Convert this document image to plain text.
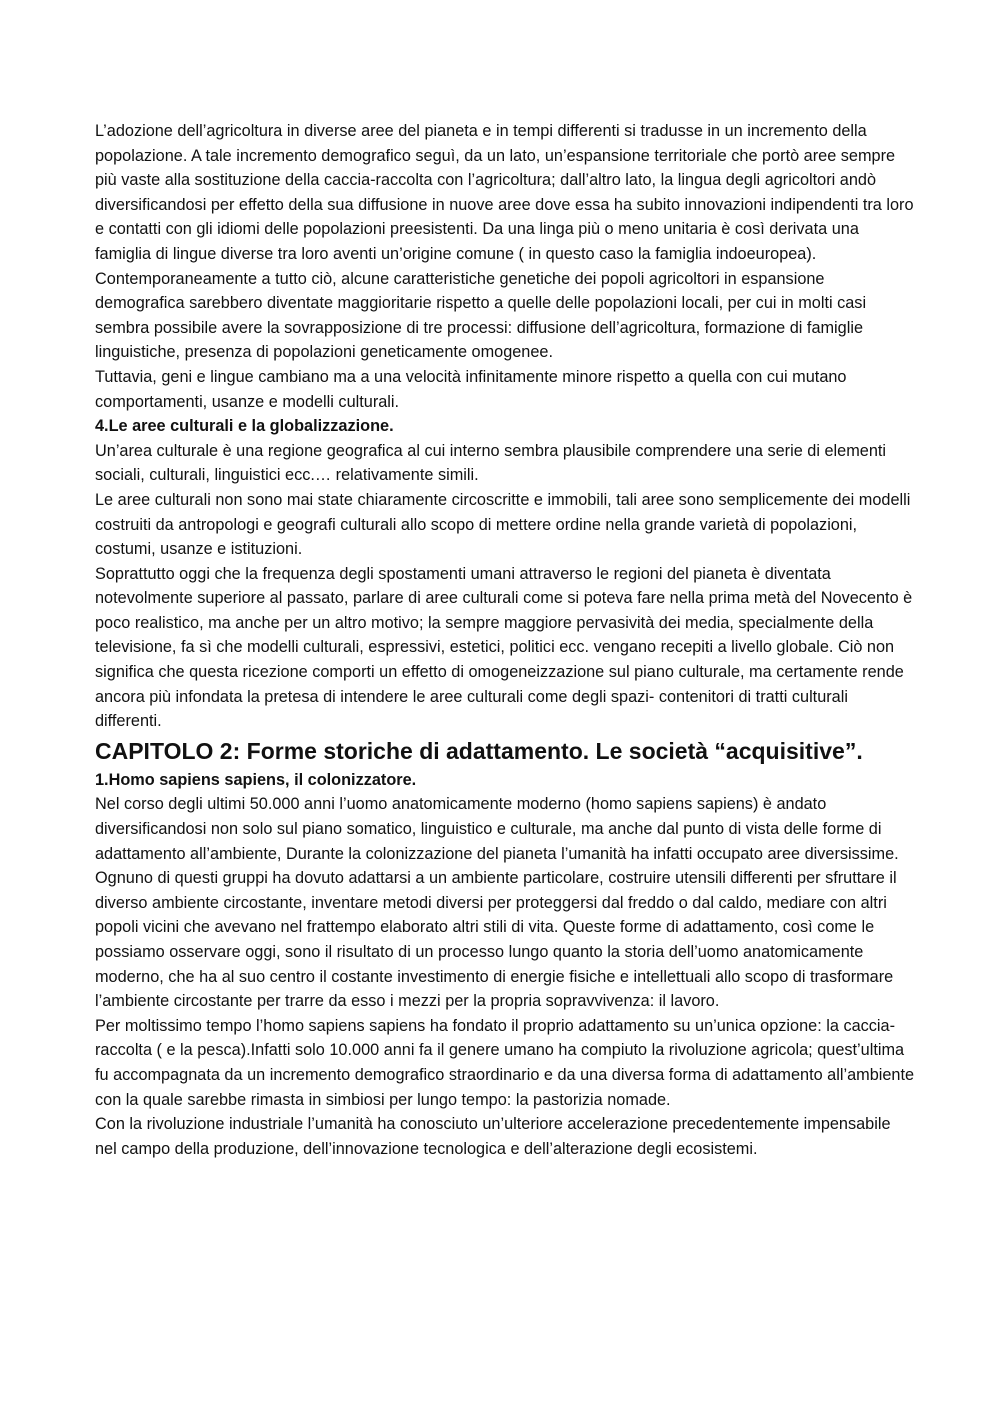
L’adozione dell’agricoltura in diverse aree del pianeta e in tempi differenti si tradusse in un incremento della popolazione. A tale incremento demografico seguì, da un lato, un’espansione territoriale che portò aree sempre più vaste alla sostituzione della caccia-raccolta con l’agricoltura; dall’altro lato, la lingua degli agricoltori andò diversificandosi per effetto della sua diffusione in nuove aree dove essa ha subito innovazioni indipendenti tra loro e contatti con gli idiomi delle popolazioni preesistenti. Da una linga più o meno unitaria è così derivata una famiglia di lingue diverse tra loro aventi un’origine comune ( in questo caso la famiglia indoeuropea).

Contemporaneamente a tutto ciò, alcune caratteristiche genetiche dei popoli agricoltori in espansione demografica sarebbero diventate maggioritarie rispetto a quelle delle popolazioni locali, per cui in molti casi sembra possibile avere la sovrapposizione di tre processi: diffusione dell’agricoltura, formazione di famiglie linguistiche, presenza di popolazioni geneticamente omogenee.

Tuttavia, geni e lingue cambiano ma a una velocità infinitamente minore rispetto a quella con cui mutano comportamenti, usanze e modelli culturali.

4.Le aree culturali e la globalizzazione.

Un’area culturale è una regione geografica al cui interno sembra plausibile comprendere una serie di elementi sociali, culturali, linguistici ecc.… relativamente simili.

Le aree culturali non sono mai state chiaramente circoscritte e immobili, tali aree sono semplicemente dei modelli costruiti da antropologi e geografi culturali allo scopo di mettere ordine nella grande varietà di popolazioni, costumi, usanze e istituzioni.

Soprattutto oggi che la frequenza degli spostamenti umani attraverso le regioni del pianeta è diventata notevolmente superiore al passato, parlare di aree culturali come si poteva fare nella prima metà del Novecento è poco realistico, ma anche per un altro motivo; la sempre maggiore pervasività dei media, specialmente della televisione, fa sì che modelli culturali, espressivi, estetici, politici ecc. vengano recepiti a livello globale. Ciò non significa che questa ricezione comporti un effetto di omogeneizzazione sul piano culturale, ma certamente rende ancora più infondata la pretesa di intendere le aree culturali come degli spazi- contenitori di tratti culturali differenti.

CAPITOLO 2: Forme storiche di adattamento. Le società “acquisitive”.
1.Homo sapiens sapiens, il colonizzatore.

Nel corso degli ultimi 50.000 anni l’uomo anatomicamente moderno (homo sapiens sapiens) è andato diversificandosi non solo sul piano somatico, linguistico e culturale, ma anche dal punto di vista delle forme di adattamento all’ambiente, Durante la colonizzazione del pianeta l’umanità ha infatti occupato aree diversissime. Ognuno di questi gruppi ha dovuto adattarsi a un ambiente particolare, costruire utensili differenti per sfruttare il diverso ambiente circostante, inventare metodi diversi per proteggersi dal freddo o dal caldo, mediare con altri popoli vicini che avevano nel frattempo elaborato altri stili di vita. Queste forme di adattamento, così come le possiamo osservare oggi, sono il risultato di un processo lungo quanto la storia dell’uomo anatomicamente moderno, che ha al suo centro il costante investimento di energie fisiche e intellettuali allo scopo di trasformare l’ambiente circostante per trarre da esso i mezzi per la propria sopravvivenza: il lavoro.

Per moltissimo tempo l’homo sapiens sapiens ha fondato il proprio adattamento su un’unica opzione: la caccia-raccolta ( e la pesca).Infatti solo 10.000 anni fa il genere umano ha compiuto la rivoluzione agricola; quest’ultima fu accompagnata da un incremento demografico straordinario e da una diversa forma di adattamento all’ambiente con la quale sarebbe rimasta in simbiosi per lungo tempo: la pastorizia nomade.

Con la rivoluzione industriale l’umanità ha conosciuto un’ulteriore accelerazione precedentemente impensabile nel campo della produzione, dell’innovazione tecnologica e dell’alterazione degli ecosistemi.
